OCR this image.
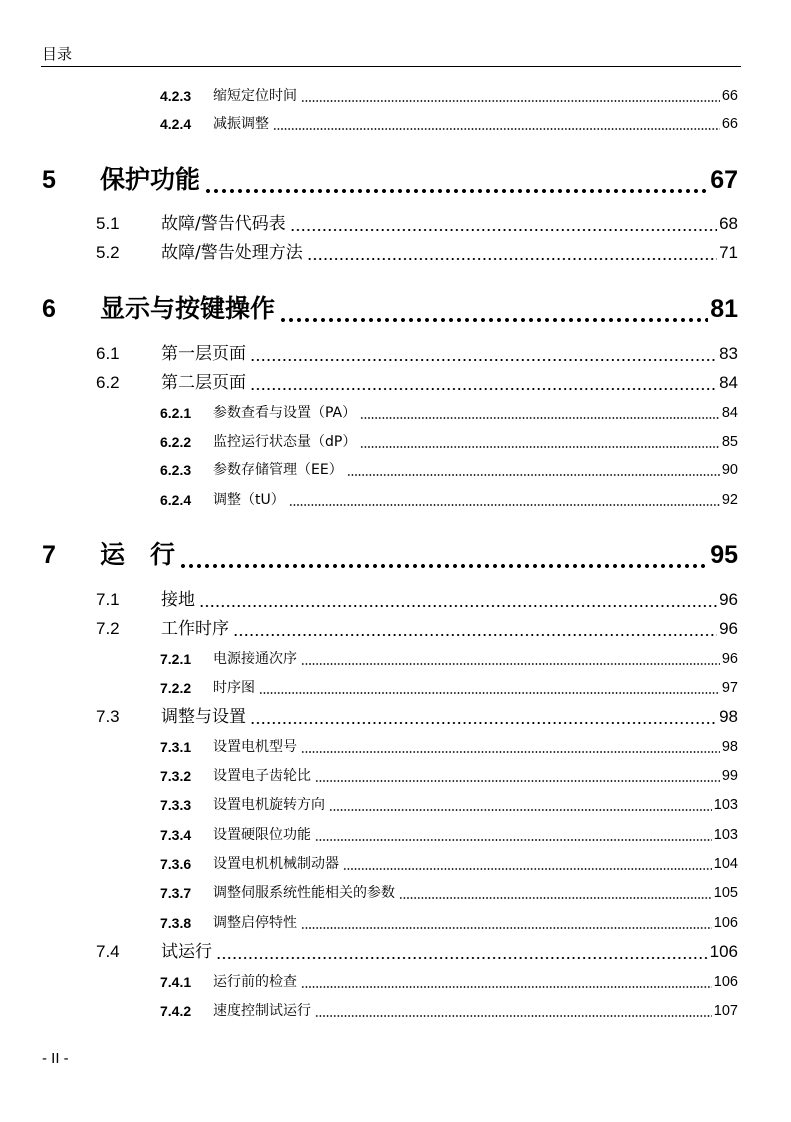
目录
4.2.3 缩短定位时间	66
4.2.4 减振调整	66
5 保护功能	67
5.1 故障/警告代码表	68
5.2 故障/警告处理方法	71
6 显示与按键操作	81
6.1 第一层页面	83
6.2 第二层页面	84
6.2.1 参数查看与设置（PA）	84
6.2.2 监控运行状态量（dP）	85
6.2.3 参数存储管理（EE）	90
6.2.4 调整（tU）	92
7 运　行	95
7.1 接地	96
7.2 工作时序	96
7.2.1 电源接通次序	96
7.2.2 时序图	97
7.3 调整与设置	98
7.3.1 设置电机型号	98
7.3.2 设置电子齿轮比	99
7.3.3 设置电机旋转方向	103
7.3.4 设置硬限位功能	103
7.3.6 设置电机机械制动器	104
7.3.7 调整伺服系统性能相关的参数	105
7.3.8 调整启停特性	106
7.4 试运行	106
7.4.1 运行前的检查	106
7.4.2 速度控制试运行	107
- II -
